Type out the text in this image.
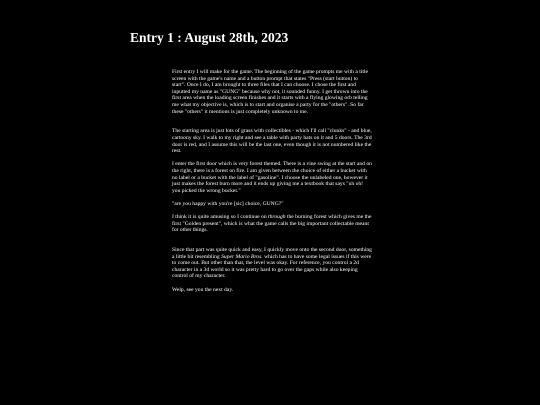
Entry 1 : August 28th, 2023

First entry I will make for the game. The beginning of the game prompts me with a title screen with the game's name and a button prompt that states "Press (start button) to start". Once I do, I am brought to three files that I can choose. I chose the first and inputted my name as "GUNG" because why not, it sounded funny. I get thrown into the first area when the loading screen finishes and it starts with a flying glowing orb telling me what my objective is, which is to start and organise a party for the "others". So far these "others" it mentions is just completely unknown to me.

The starting area is just lots of grass with collectibles - which I'll call "clunks" - and blue, cartoony sky. I walk to my right and see a table with party hats on it and 5 doors. The 3rd door is red, and I assume this will be the last one, even though it is not numbered like the rest.

I enter the first door which is very forest themed. There is a vine swing at the start and on the right, there is a forest on fire. I am given between the choice of either a bucket with no label or a bucket with the label of "gasoline". I choose the unlabeled one, however it just makes the forest burn more and it ends up giving me a textbook that says "uh oh! you picked the wrong bucket."

"are you happy with you're [sic] choice, GUNG?"

I think it is quite amusing so I continue on through the burning forest which gives me the first "Golden present", which is what the game calls the big important collectable meant for other things.

Since that part was quite quick and easy, I quickly move onto the second door, something a little bit resembling Super Mario Bros. which has to have some legal issues if this were to come out. But other than that, the level was okay. For reference, you control a 2d character in a 3d world so it was pretty hard to go over the gaps while also keeping control of my character.

Welp, see you the next day.
